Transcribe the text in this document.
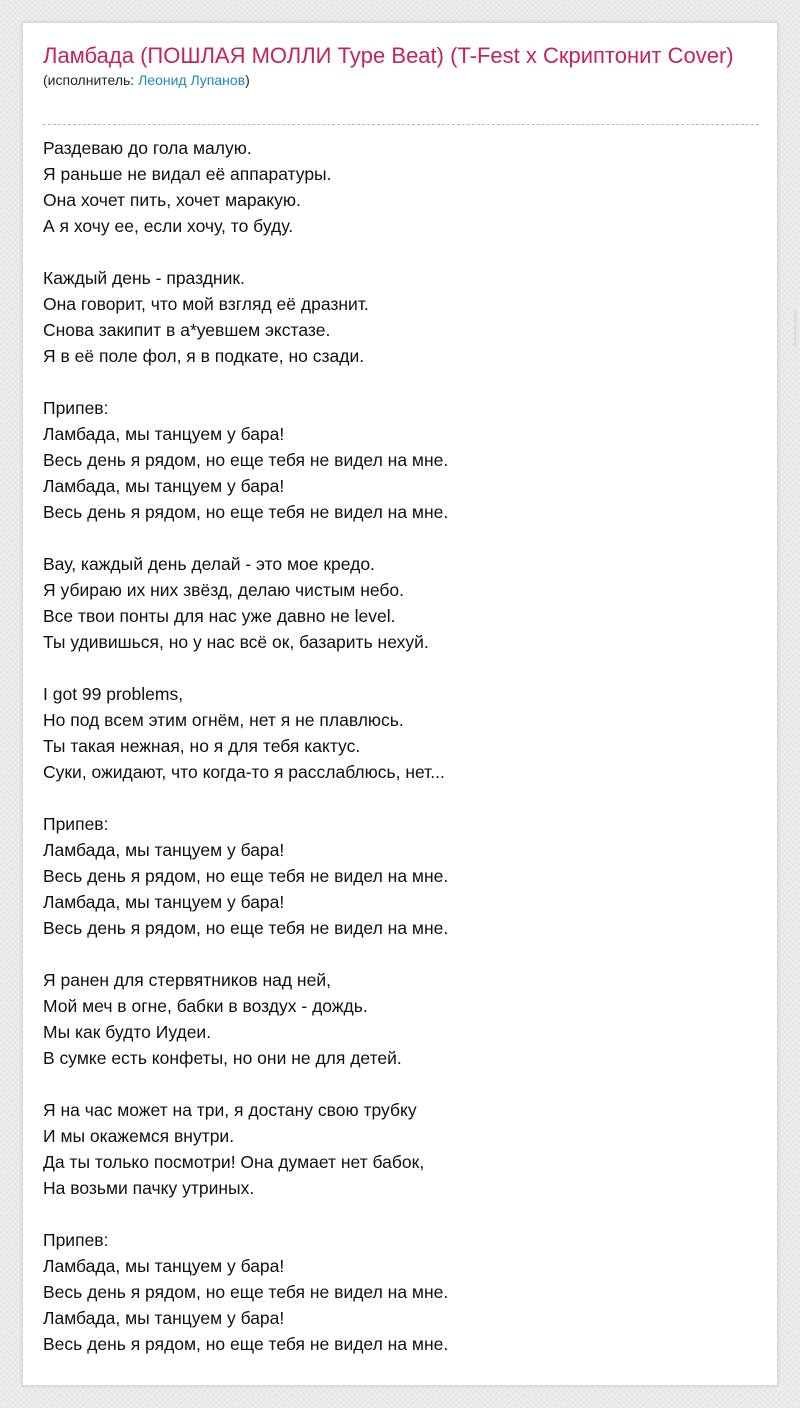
Ламбада (ПОШЛАЯ МОЛЛИ Type Beat) (T-Fest x Скриптонит Cover)
(исполнитель: Леонид Лупанов)
Раздеваю до гола малую.
Я раньше не видал её аппаратуры.
Она хочет пить, хочет маракую.
А я хочу ее, если хочу, то буду.
Каждый день - праздник.
Она говорит, что мой взгляд её дразнит.
Снова закипит в а*уевшем экстазе.
Я в её поле фол, я в подкате, но сзади.
Припев:
Ламбада, мы танцуем у бара!
Весь день я рядом, но еще тебя не видел на мне.
Ламбада, мы танцуем у бара!
Весь день я рядом, но еще тебя не видел на мне.
Вау, каждый день делай - это мое кредо.
Я убираю их них звёзд, делаю чистым небо.
Все твои понты для нас уже давно не level.
Ты удивишься, но у нас всё ок, базарить нехуй.
I got 99 problems,
Но под всем этим огнём, нет я не плавлюсь.
Ты такая нежная, но я для тебя кактус.
Суки, ожидают, что когда-то я расслаблюсь, нет...
Припев:
Ламбада, мы танцуем у бара!
Весь день я рядом, но еще тебя не видел на мне.
Ламбада, мы танцуем у бара!
Весь день я рядом, но еще тебя не видел на мне.
Я ранен для стервятников над ней,
Мой меч в огне, бабки в воздух - дождь.
Мы как будто Иудеи.
В сумке есть конфеты, но они не для детей.
Я на час может на три, я достану свою трубку
И мы окажемся внутри.
Да ты только посмотри! Она думает нет бабок,
На возьми пачку утриных.
Припев:
Ламбада, мы танцуем у бара!
Весь день я рядом, но еще тебя не видел на мне.
Ламбада, мы танцуем у бара!
Весь день я рядом, но еще тебя не видел на мне.
